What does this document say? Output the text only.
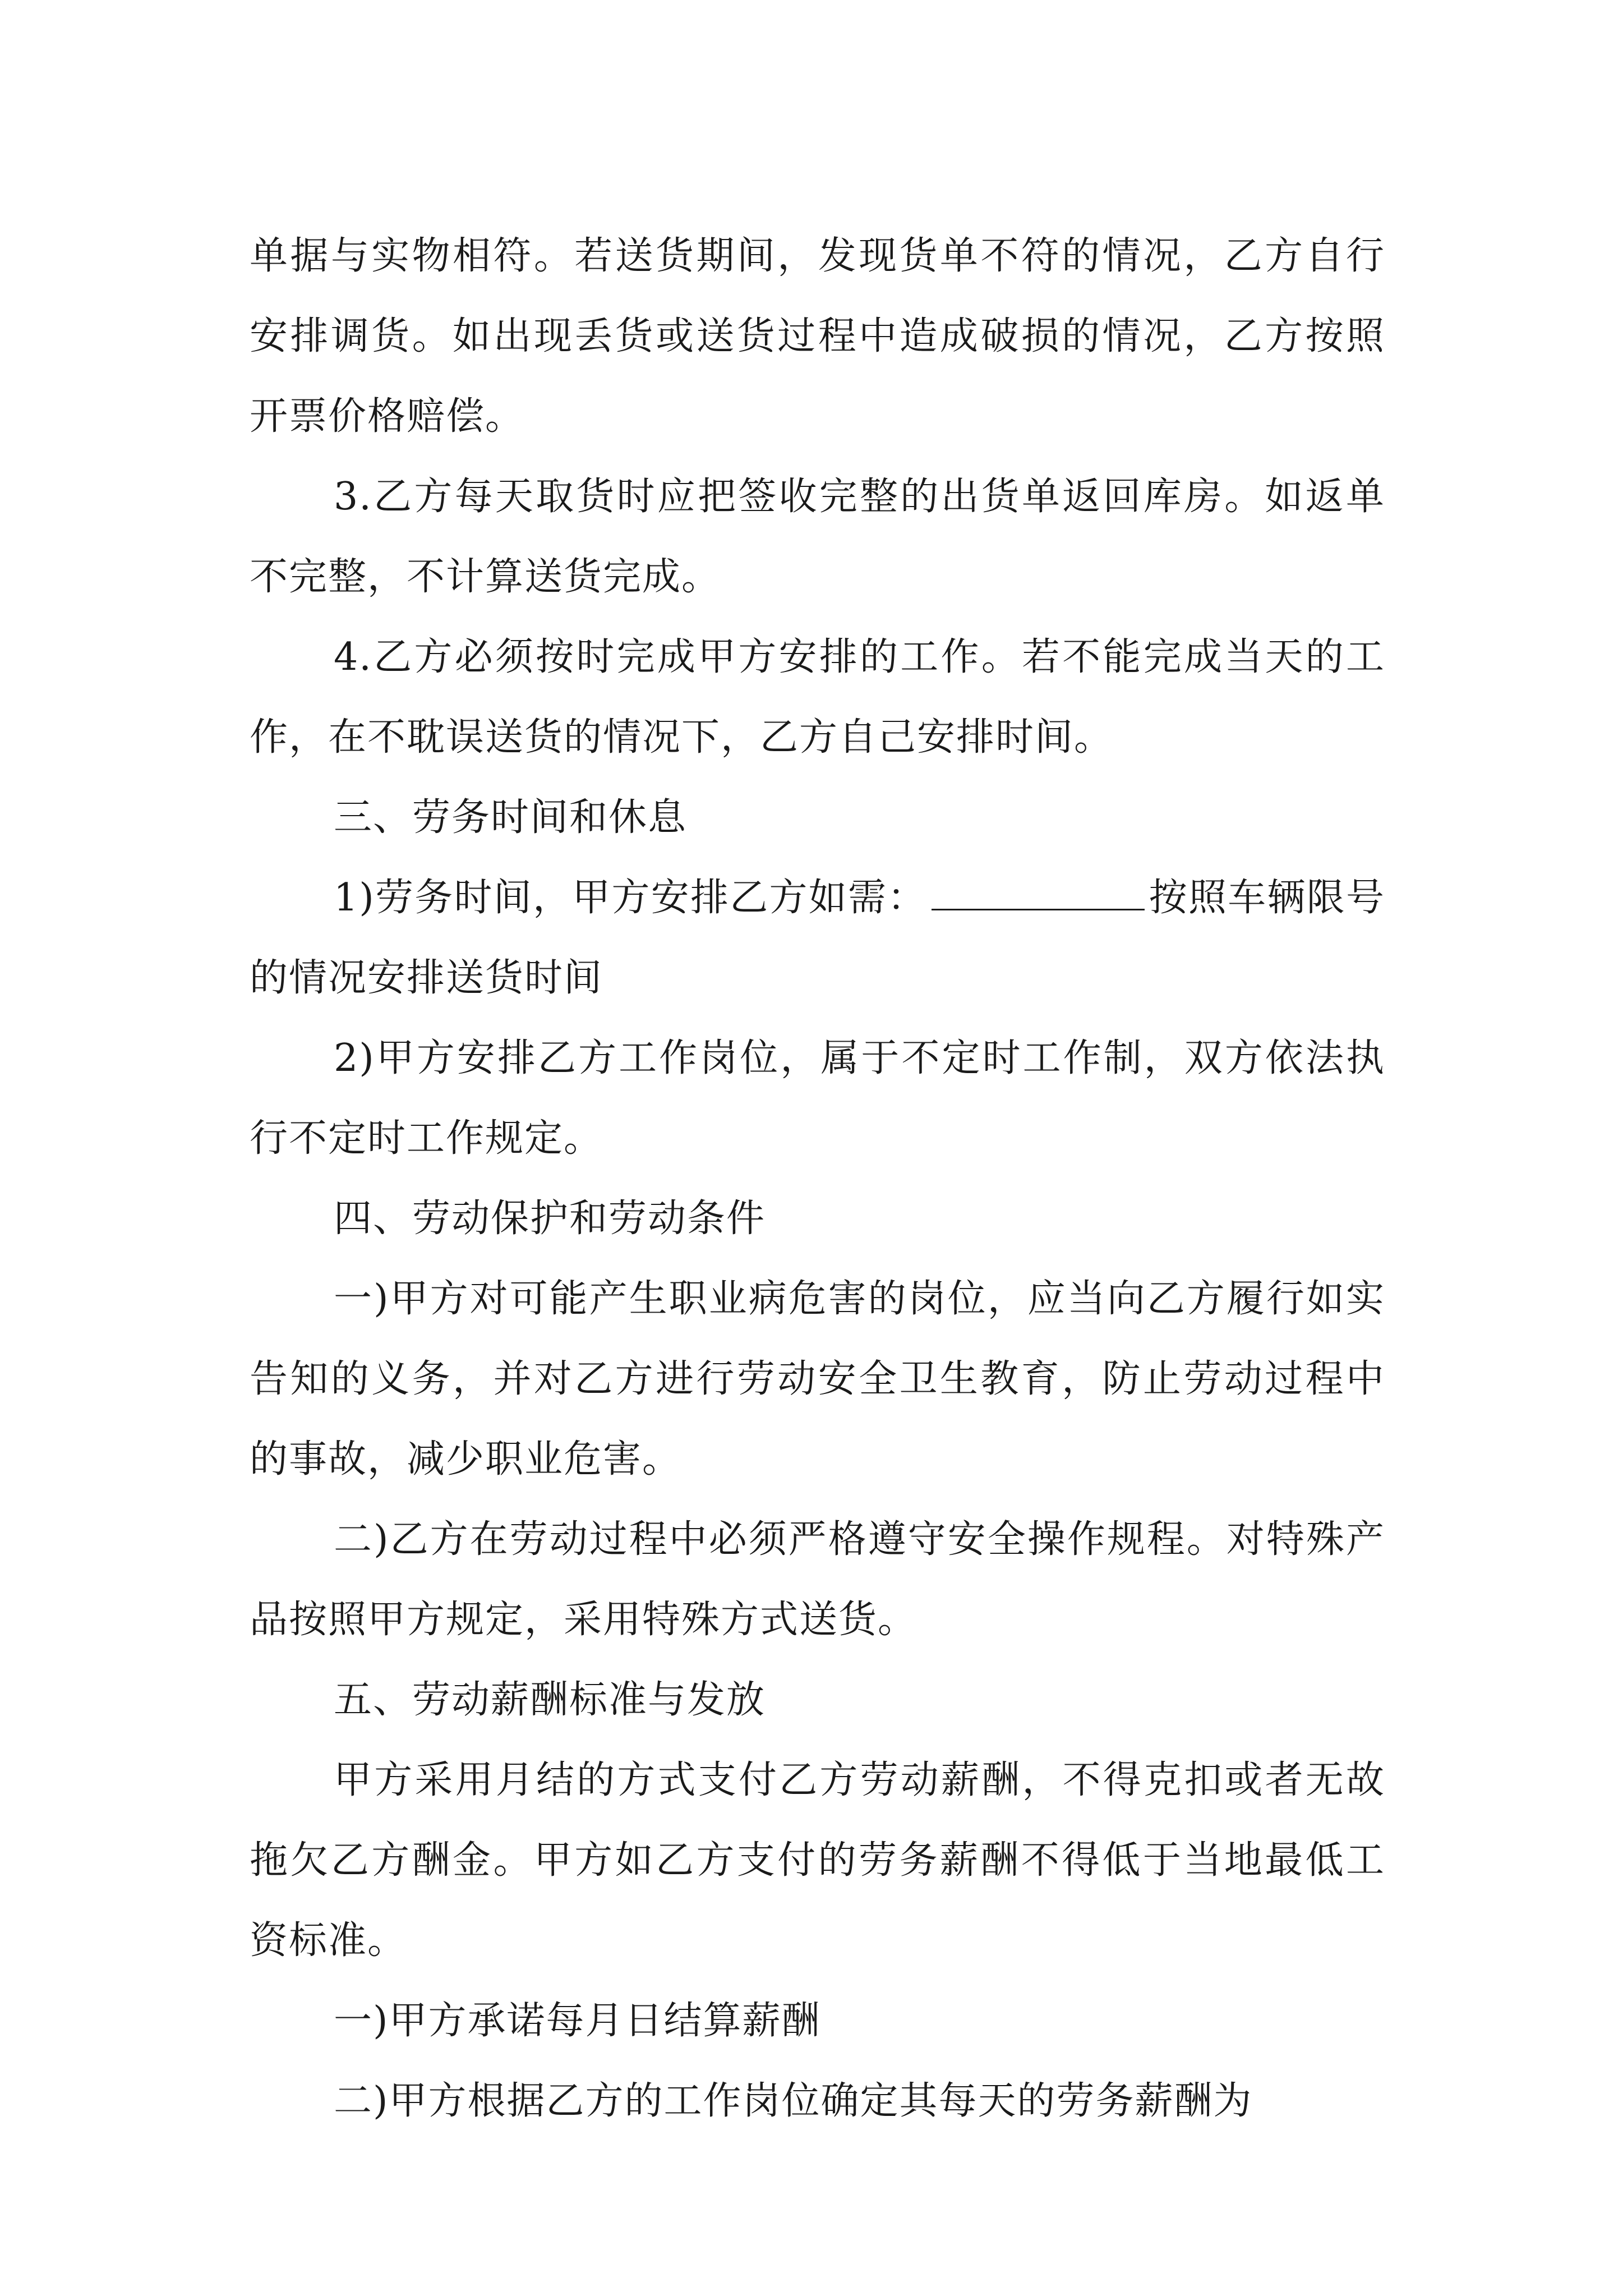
单据与实物相符。若送货期间，发现货单不符的情况，乙方自行安排调货。如出现丢货或送货过程中造成破损的情况，乙方按照开票价格赔偿。

3.乙方每天取货时应把签收完整的出货单返回库房。如返单不完整，不计算送货完成。

4.乙方必须按时完成甲方安排的工作。若不能完成当天的工作，在不耽误送货的情况下，乙方自己安排时间。

三、劳务时间和休息

1)劳务时间，甲方安排乙方如需：	按照车辆限号的情况安排送货时间

2)甲方安排乙方工作岗位，属于不定时工作制，双方依法执行不定时工作规定。

四、劳动保护和劳动条件

一)甲方对可能产生职业病危害的岗位，应当向乙方履行如实告知的义务，并对乙方进行劳动安全卫生教育，防止劳动过程中的事故，减少职业危害。

二)乙方在劳动过程中必须严格遵守安全操作规程。对特殊产品按照甲方规定，采用特殊方式送货。

五、劳动薪酬标准与发放

甲方采用月结的方式支付乙方劳动薪酬，不得克扣或者无故拖欠乙方酬金。甲方如乙方支付的劳务薪酬不得低于当地最低工资标准。

一)甲方承诺每月日结算薪酬

二)甲方根据乙方的工作岗位确定其每天的劳务薪酬为
